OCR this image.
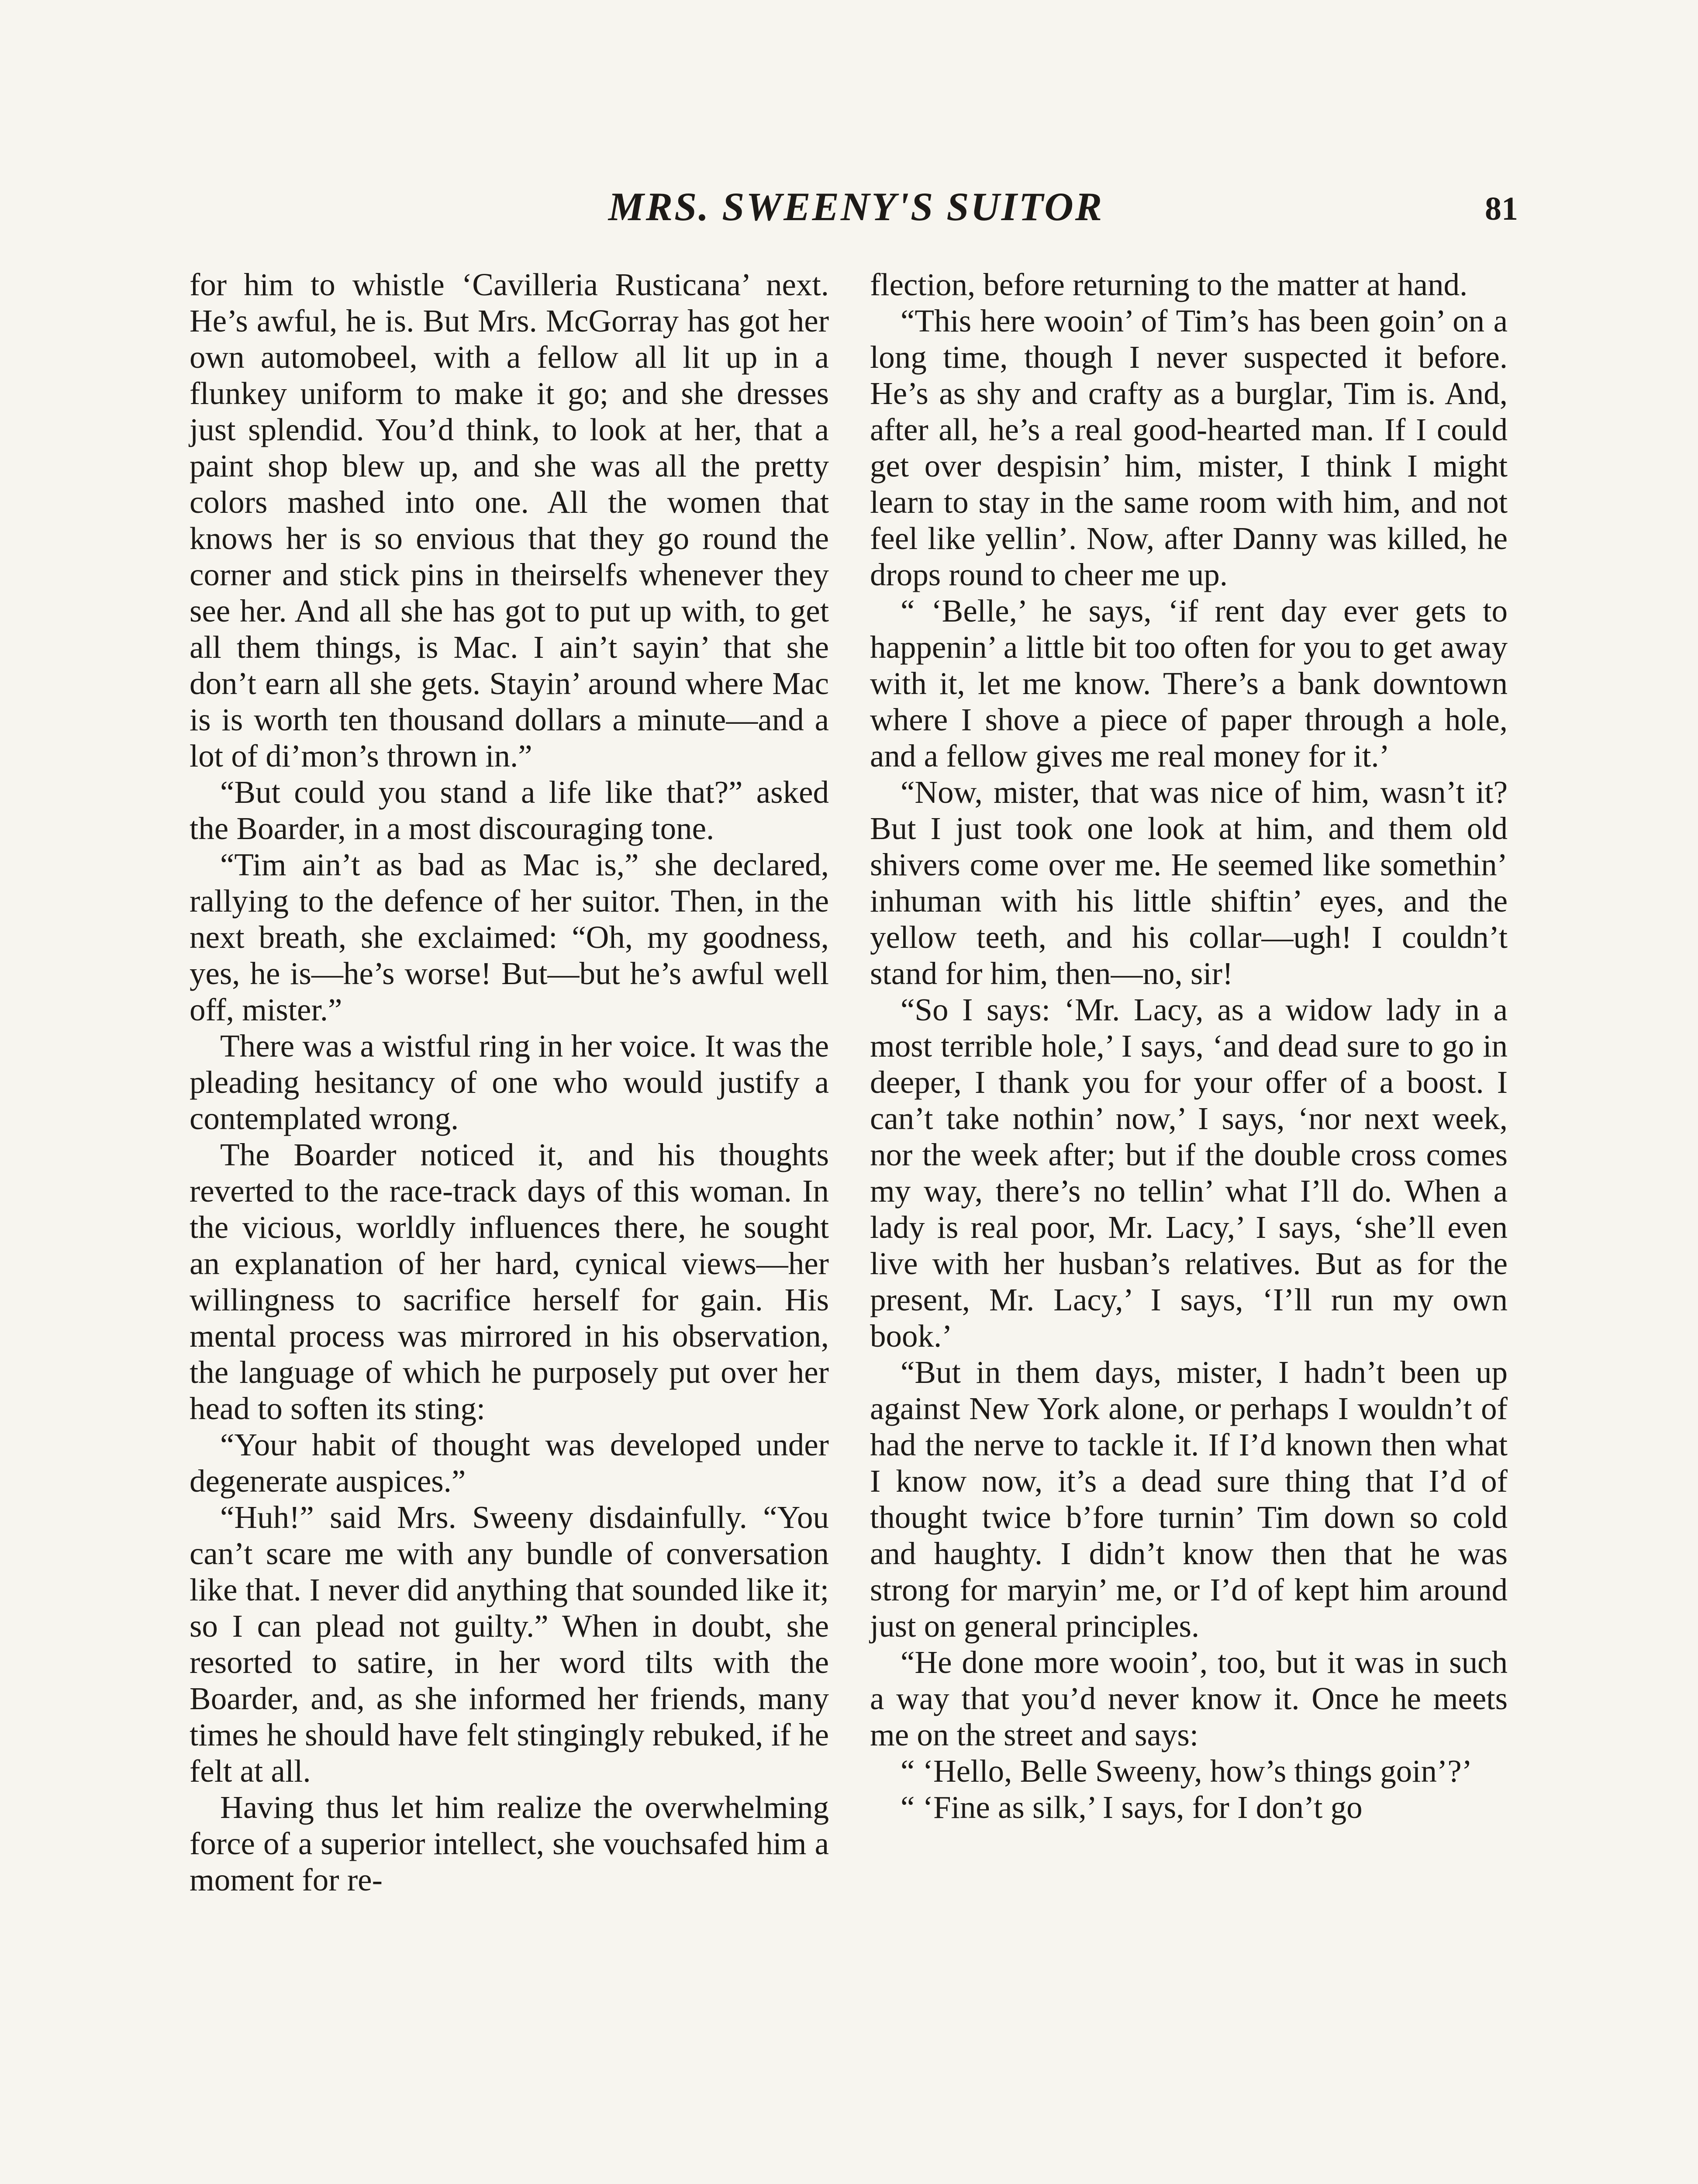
MRS. SWEENY'S SUITOR	81

for him to whistle ‘Cavilleria Rusticana’ next. He’s awful, he is. But Mrs. McGorray has got her own automobeel, with a fellow all lit up in a flunkey uniform to make it go; and she dresses just splendid. You’d think, to look at her, that a paint shop blew up, and she was all the pretty colors mashed into one. All the women that knows her is so envious that they go round the corner and stick pins in theirselfs whenever they see her. And all she has got to put up with, to get all them things, is Mac. I ain’t sayin’ that she don’t earn all she gets. Stayin’ around where Mac is is worth ten thousand dollars a minute—and a lot of di’mon’s thrown in.”

“But could you stand a life like that?” asked the Boarder, in a most discouraging tone.

“Tim ain’t as bad as Mac is,” she declared, rallying to the defence of her suitor. Then, in the next breath, she exclaimed: “Oh, my goodness, yes, he is—he’s worse! But—but he’s awful well off, mister.”

There was a wistful ring in her voice. It was the pleading hesitancy of one who would justify a contemplated wrong.

The Boarder noticed it, and his thoughts reverted to the race-track days of this woman. In the vicious, worldly influences there, he sought an explanation of her hard, cynical views—her willingness to sacrifice herself for gain. His mental process was mirrored in his observation, the language of which he purposely put over her head to soften its sting:

“Your habit of thought was developed under degenerate auspices.”

“Huh!” said Mrs. Sweeny disdainfully. “You can’t scare me with any bundle of conversation like that. I never did anything that sounded like it; so I can plead not guilty.” When in doubt, she resorted to satire, in her word tilts with the Boarder, and, as she informed her friends, many times he should have felt stingingly rebuked, if he felt at all.

Having thus let him realize the overwhelming force of a superior intellect, she vouchsafed him a moment for re-

flection, before returning to the matter at hand.

“This here wooin’ of Tim’s has been goin’ on a long time, though I never suspected it before. He’s as shy and crafty as a burglar, Tim is. And, after all, he’s a real good-hearted man. If I could get over despisin’ him, mister, I think I might learn to stay in the same room with him, and not feel like yellin’. Now, after Danny was killed, he drops round to cheer me up.

“ ‘Belle,’ he says, ‘if rent day ever gets to happenin’ a little bit too often for you to get away with it, let me know. There’s a bank downtown where I shove a piece of paper through a hole, and a fellow gives me real money for it.’

“Now, mister, that was nice of him, wasn’t it? But I just took one look at him, and them old shivers come over me. He seemed like somethin’ inhuman with his little shiftin’ eyes, and the yellow teeth, and his collar—ugh! I couldn’t stand for him, then—no, sir!

“So I says: ‘Mr. Lacy, as a widow lady in a most terrible hole,’ I says, ‘and dead sure to go in deeper, I thank you for your offer of a boost. I can’t take nothin’ now,’ I says, ‘nor next week, nor the week after; but if the double cross comes my way, there’s no tellin’ what I’ll do. When a lady is real poor, Mr. Lacy,’ I says, ‘she’ll even live with her husban’s relatives. But as for the present, Mr. Lacy,’ I says, ‘I’ll run my own book.’

“But in them days, mister, I hadn’t been up against New York alone, or perhaps I wouldn’t of had the nerve to tackle it. If I’d known then what I know now, it’s a dead sure thing that I’d of thought twice b’fore turnin’ Tim down so cold and haughty. I didn’t know then that he was strong for maryin’ me, or I’d of kept him around just on general principles.

“He done more wooin’, too, but it was in such a way that you’d never know it. Once he meets me on the street and says:

“ ‘Hello, Belle Sweeny, how’s things goin’?’

“ ‘Fine as silk,’ I says, for I don’t go
